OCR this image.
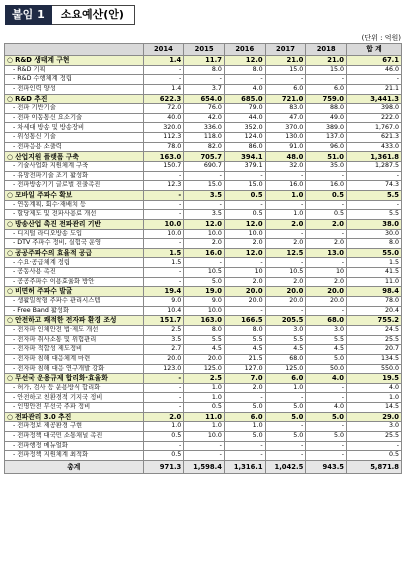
붙임 1	소요예산(안)
(단위 : 억원)
	2014	2015	2016	2017	2018	합 계
○ R&D 생태계 구현	1.4	11.7	12.0	21.0	21.0	67.1
- R&D 기획	-	8.0	8.0	15.0	15.0	46.0
- R&D 수행체계 정립	-	-	-	-	-	-
- 전파인력 양성	1.4	3.7	4.0	6.0	6.0	21.1
○ R&D 추진	622.3	654.0	685.0	721.0	759.0	3,441.3
- 전파 기반기술	72.0	76.0	79.0	83.0	88.0	398.0
- 전파 이동통신 요소기술	40.0	42.0	44.0	47.0	49.0	222.0
- 차세대 방송 및 방송장비	320.0	336.0	352.0	370.0	389.0	1,767.0
- 위성통신 기술	112.3	118.0	124.0	130.0	137.0	621.3
- 전파응용 소출력	78.0	82.0	86.0	91.0	96.0	433.0
○ 산업지원 플랫폼 구축	163.0	705.7	394.1	48.0	51.0	1,361.8
- 기술사업화 지원체계 구축	150.7	690.7	379.1	32.0	35.0	1,287.5
- 유망전파기술 조기 활성화	-	-	-	-	-	-
- 전파방송기기 글로벌 진출촉진	12.3	15.0	15.0	16.0	16.0	74.3
○ 모바일 주파수 확보	-	3.5	0.5	1.0	0.5	5.5
- 연동계획, 회수·재배치 등	-	-	-	-	-	-
- 할당제도 및 전파사용료 개선	-	3.5	0.5	1.0	0.5	5.5
○ 방송산업 촉진 전파관리 기반	10.0	12.0	12.0	2.0	2.0	38.0
- 디지털 라디오방송 도입	10.0	10.0	10.0	-	-	30.0
- DTV 주파수 정비, 실험국 운영	-	2.0	2.0	2.0	2.0	8.0
○ 공공주파수의 효율적 공급	1.5	16.0	12.0	12.5	13.0	55.0
- 수요·공급체계 정립	1.5	-	-	-	-	1.5
- 공동사용 촉진	-	10.5	10	10.5	10	41.5
- 공공주파수 이용효율화 방안	-	5.0	2.0	2.0	2.0	11.0
○ 비면허 주파수 발굴	19.4	19.0	20.0	20.0	20.0	98.4
- 생활밀착형 주파수 관리시스템	9.0	9.0	20.0	20.0	20.0	78.0
- Free Band 활성화	10.4	10.0	-	-	-	20.4
○ 안전하고 쾌적한 전자파 환경 조성	151.7	163.0	166.5	205.5	68.0	755.2
- 전자파 인체안전 법·제도 개선	2.5	8.0	8.0	3.0	3.0	24.5
- 전자파 취사소통 및 위험관리	3.5	5.5	5.5	5.5	5.5	25.5
- 전자파 적합성 제도정비	2.7	4.5	4.5	4.5	4.5	20.7
- 전자파 침해 대응체계 마련	20.0	20.0	21.5	68.0	5.0	134.5
- 전자파 침해 대응 연구개발 강화	123.0	125.0	127.0	125.0	50.0	550.0
○ 무선국 운용규제 합리화·효율화	-	2.5	7.0	6.0	4.0	19.5
- 허가, 검사 등 운용방식 합리화	-	1.0	2.0	1.0	-	4.0
- 안전하고 친환경적 기지국 정비	-	1.0	-	-	-	1.0
- 인명안전 무선국 주파 정비	-	0.5	5.0	5.0	4.0	14.5
○ 전파관리 3.0 추진	2.0	11.0	6.0	5.0	5.0	29.0
- 전파정보 제공환경 구현	1.0	1.0	1.0	-	-	3.0
- 전파정책 대국민 소통채널 촉진	0.5	10.0	5.0	5.0	5.0	25.5
- 전파행정 메뉴얼화	-	-	-	-	-	-
- 전파정책 지원체계 최적화	0.5	-	-	-	-	0.5
총계	971.3	1,598.4	1,316.1	1,042.5	943.5	5,871.8
